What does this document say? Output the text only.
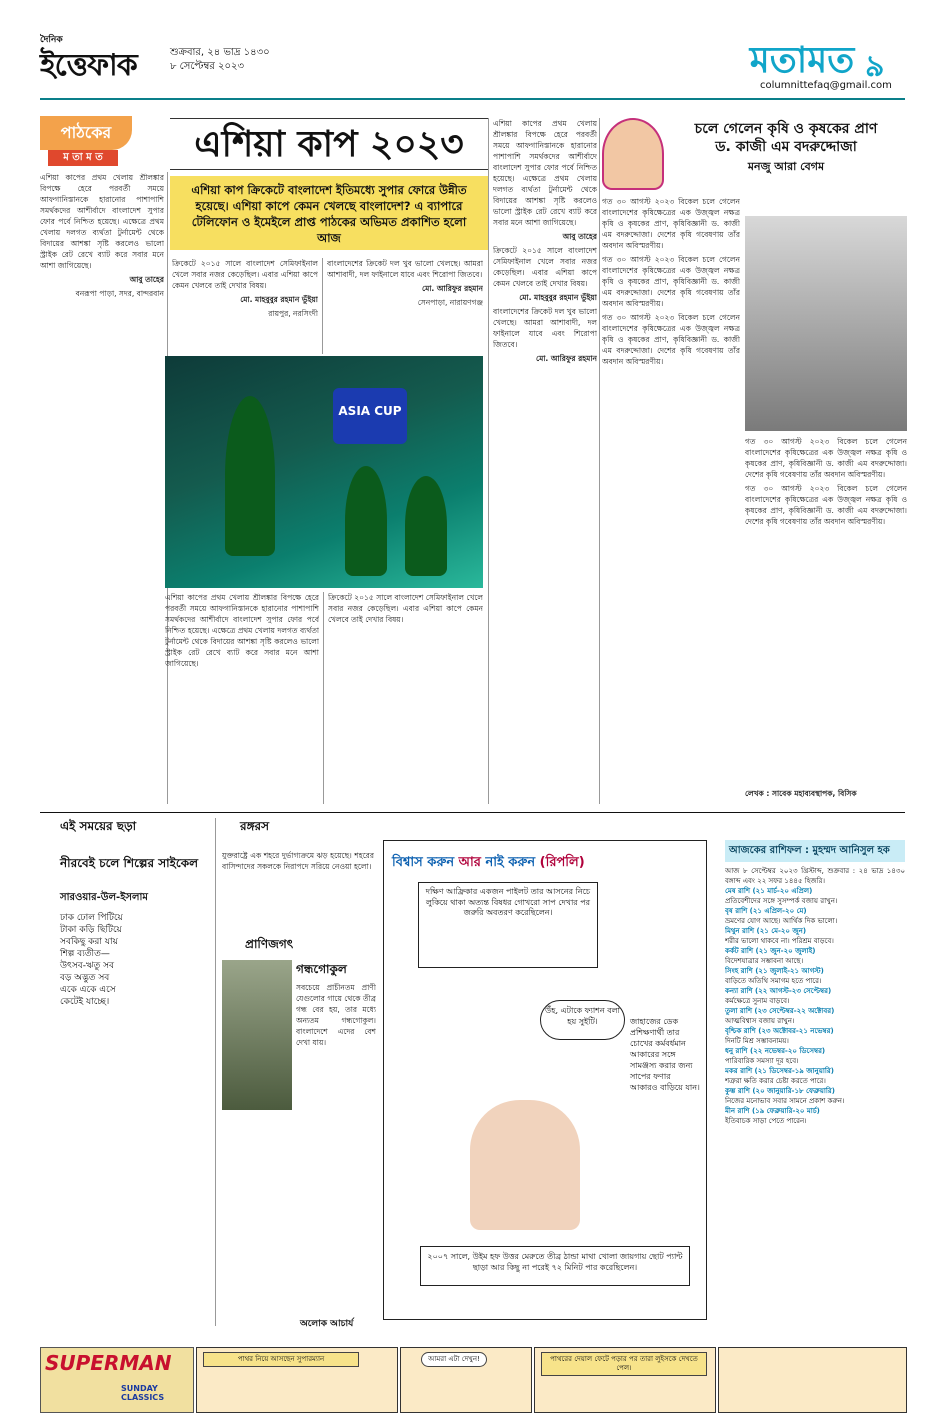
দৈনিক
ইত্তেফাক	শুক্রবার, ২৪ ভাদ্র ১৪৩০
৮ সেপ্টেম্বর ২০২৩	মতামত ৯
columnittefaq@gmail.com
পাঠকের
ম তা ম ত	এশিয়া কাপ ২০২৩
এশিয়া কাপ ক্রিকেটে বাংলাদেশ ইতিমধ্যে সুপার ফোরে উন্নীত হয়েছে। এশিয়া কাপে কেমন খেলছে বাংলাদেশ? এ ব্যাপারে টেলিফোন ও ইমেইলে প্রাপ্ত পাঠকের অভিমত প্রকাশিত হলো আজ

এশিয়া কাপের প্রথম খেলায় শ্রীলঙ্কার বিপক্ষে হেরে পরবর্তী সময়ে আফগানিস্তানকে হারানোর পাশাপাশি সমর্থকদের আশীর্বাদে বাংলাদেশ সুপার ফোর পর্বে নিশ্চিত হয়েছে। এক্ষেত্রে প্রথম খেলায় দলগত ব্যর্থতা টুর্নামেন্ট থেকে বিদায়ের আশঙ্কা সৃষ্টি করলেও ভালো স্ট্রাইক রেট রেখে ব্যাট করে সবার মনে আশা জাগিয়েছে।

আবু তাহের

বনরূপা পাড়া, সদর, বান্দরবান

ক্রিকেটে ২০১৫ সালে বাংলাদেশ সেমিফাইনাল খেলে সবার নজর কেড়েছিল। এবার এশিয়া কাপে কেমন খেলবে তাই দেখার বিষয়।

মো. মাহবুবুর রহমান ভুঁইয়া

রায়পুর, নরসিংদী

বাংলাদেশের ক্রিকেট দল খুব ভালো খেলছে। আমরা আশাবাদী, দল ফাইনালে যাবে এবং শিরোপা জিতবে।

মো. আরিফুর রহমান

সেনপাড়া, নারায়ণগঞ্জ

ASIA CUP

এশিয়া কাপের প্রথম খেলায় শ্রীলঙ্কার বিপক্ষে হেরে পরবর্তী সময়ে আফগানিস্তানকে হারানোর পাশাপাশি সমর্থকদের আশীর্বাদে বাংলাদেশ সুপার ফোর পর্বে নিশ্চিত হয়েছে। এক্ষেত্রে প্রথম খেলায় দলগত ব্যর্থতা টুর্নামেন্ট থেকে বিদায়ের আশঙ্কা সৃষ্টি করলেও ভালো স্ট্রাইক রেট রেখে ব্যাট করে সবার মনে আশা জাগিয়েছে।

ক্রিকেটে ২০১৫ সালে বাংলাদেশ সেমিফাইনাল খেলে সবার নজর কেড়েছিল। এবার এশিয়া কাপে কেমন খেলবে তাই দেখার বিষয়।

এশিয়া কাপের প্রথম খেলায় শ্রীলঙ্কার বিপক্ষে হেরে পরবর্তী সময়ে আফগানিস্তানকে হারানোর পাশাপাশি সমর্থকদের আশীর্বাদে বাংলাদেশ সুপার ফোর পর্বে নিশ্চিত হয়েছে। এক্ষেত্রে প্রথম খেলায় দলগত ব্যর্থতা টুর্নামেন্ট থেকে বিদায়ের আশঙ্কা সৃষ্টি করলেও ভালো স্ট্রাইক রেট রেখে ব্যাট করে সবার মনে আশা জাগিয়েছে।

আবু তাহের

ক্রিকেটে ২০১৫ সালে বাংলাদেশ সেমিফাইনাল খেলে সবার নজর কেড়েছিল। এবার এশিয়া কাপে কেমন খেলবে তাই দেখার বিষয়।

মো. মাহবুবুর রহমান ভুঁইয়া

বাংলাদেশের ক্রিকেট দল খুব ভালো খেলছে। আমরা আশাবাদী, দল ফাইনালে যাবে এবং শিরোপা জিতবে।

মো. আরিফুর রহমান

চলে গেলেন কৃষি ও কৃষকের প্রাণ
ড. কাজী এম বদরুদ্দোজা
মনজু আরা বেগম

গত ৩০ আগস্ট ২০২৩ বিকেল চলে গেলেন বাংলাদেশের কৃষিক্ষেত্রের এক উজ্জ্বল নক্ষত্র কৃষি ও কৃষকের প্রাণ, কৃষিবিজ্ঞানী ড. কাজী এম বদরুদ্দোজা। দেশের কৃষি গবেষণায় তাঁর অবদান অবিস্মরণীয়।

গত ৩০ আগস্ট ২০২৩ বিকেল চলে গেলেন বাংলাদেশের কৃষিক্ষেত্রের এক উজ্জ্বল নক্ষত্র কৃষি ও কৃষকের প্রাণ, কৃষিবিজ্ঞানী ড. কাজী এম বদরুদ্দোজা। দেশের কৃষি গবেষণায় তাঁর অবদান অবিস্মরণীয়।

গত ৩০ আগস্ট ২০২৩ বিকেল চলে গেলেন বাংলাদেশের কৃষিক্ষেত্রের এক উজ্জ্বল নক্ষত্র কৃষি ও কৃষকের প্রাণ, কৃষিবিজ্ঞানী ড. কাজী এম বদরুদ্দোজা। দেশের কৃষি গবেষণায় তাঁর অবদান অবিস্মরণীয়।

গত ৩০ আগস্ট ২০২৩ বিকেল চলে গেলেন বাংলাদেশের কৃষিক্ষেত্রের এক উজ্জ্বল নক্ষত্র কৃষি ও কৃষকের প্রাণ, কৃষিবিজ্ঞানী ড. কাজী এম বদরুদ্দোজা। দেশের কৃষি গবেষণায় তাঁর অবদান অবিস্মরণীয়।

গত ৩০ আগস্ট ২০২৩ বিকেল চলে গেলেন বাংলাদেশের কৃষিক্ষেত্রের এক উজ্জ্বল নক্ষত্র কৃষি ও কৃষকের প্রাণ, কৃষিবিজ্ঞানী ড. কাজী এম বদরুদ্দোজা। দেশের কৃষি গবেষণায় তাঁর অবদান অবিস্মরণীয়।

লেখক : সাবেক মহাব্যবস্থাপক, বিসিক
এই সময়ের ছড়া
নীরবেই চলে শিল্পের সাইকেল
সারওয়ার-উল-ইসলাম
ঢাক ঢোল পিটিয়ে
টাকা কড়ি ছিটিয়ে
সবকিছু করা যায়
শিল্প ব্যতীত—
উৎসব-ঋতু সব
বড় অদ্ভুত সব
একে একে এসে
কেটেই যাচ্ছে।
রঙ্গরস

যুক্তরাষ্ট্রে এক শহরে দুর্ভাগ্যক্রমে ঝড় হয়েছে। শহরের বাসিন্দাদের সকলকে নিরাপদে সরিয়ে নেওয়া হলো।

প্রাণিজগৎ
গন্ধগোকুল

সবচেয়ে প্রাচীনতম প্রাণী যেগুলোর গায়ে থেকে তীব্র গন্ধ বের হয়, তার মধ্যে অন্যতম গন্ধগোকুল। বাংলাদেশে এদের বেশ দেখা যায়।

অলোক আচার্য
বিশ্বাস করুন আর নাই করুন (রিপলি)
দক্ষিণ আফ্রিকার একজন পাইলট তার আসনের নিচে লুকিয়ে থাকা অত্যন্ত বিষধর গোখরো সাপ দেখার পর জরুরি অবতরণ করেছিলেন।
উঁহ, এটাকে ফ্যাশন বলা হয় সুইটি।	জাহাজের ডেক প্রশিক্ষণার্থী তার চোখের কর্মবর্ধমান আকারের সঙ্গে সামঞ্জস্য করার জন্য সাপের ফণার আকারও বাড়িয়ে যান।
২০০৭ সালে, উইম হফ উত্তর মেরুতে তীব্র ঠান্ডা মাথা খোলা জায়গায় ছোট প্যান্ট ছাড়া আর কিছু না পরেই ৭২ মিনিট পার করেছিলেন।
আজকের রাশিফল : মুহম্মদ আনিসুল হক
আজ ৮ সেপ্টেম্বর ২০২৩ খ্রিস্টাব্দ, শুক্রবার : ২৪ ভাদ্র ১৪৩০ বঙ্গাব্দ এবং ২২ সফর ১৪৪৫ হিজরি।
মেষ রাশি (২১ মার্চ-২০ এপ্রিল)
প্রতিবেশীদের সঙ্গে সুসম্পর্ক বজায় রাখুন।
বৃষ রাশি (২১ এপ্রিল-২০ মে)
ভ্রমণের যোগ আছে। আর্থিক দিক ভালো।
মিথুন রাশি (২১ মে-২০ জুন)
শরীর ভালো থাকবে না। পরিশ্রম বাড়বে।
কর্কট রাশি (২১ জুন-২০ জুলাই)
বিদেশযাত্রার সম্ভাবনা আছে।
সিংহ রাশি (২১ জুলাই-২১ আগস্ট)
বাড়িতে অতিথি সমাগম হতে পারে।
কন্যা রাশি (২২ আগস্ট-২৩ সেপ্টেম্বর)
কর্মক্ষেত্রে সুনাম বাড়বে।
তুলা রাশি (২৩ সেপ্টেম্বর-২২ অক্টোবর)
আত্মবিশ্বাস বজায় রাখুন।
বৃশ্চিক রাশি (২৩ অক্টোবর-২১ নভেম্বর)
দিনটি মিশ্র সম্ভাবনাময়।
ধনু রাশি (২২ নভেম্বর-২০ ডিসেম্বর)
পারিবারিক সমস্যা দূর হবে।
মকর রাশি (২১ ডিসেম্বর-১৯ জানুয়ারি)
শত্রুরা ক্ষতি করার চেষ্টা করতে পারে।
কুম্ভ রাশি (২০ জানুয়ারি-১৮ ফেব্রুয়ারি)
নিজের মনোভাব সবার সামনে প্রকাশ করুন।
মীন রাশি (১৯ ফেব্রুয়ারি-২০ মার্চ)
ইতিবাচক সাড়া পেতে পারেন।
SUPERMAN
SUNDAY CLASSICS
পাথর নিয়ে আসছেন সুপারম্যান	আমরা এটা দেখুন!	পাথরের দেয়াল ফেটে পড়ার পর তারা লুইসকে দেখতে পেল।
